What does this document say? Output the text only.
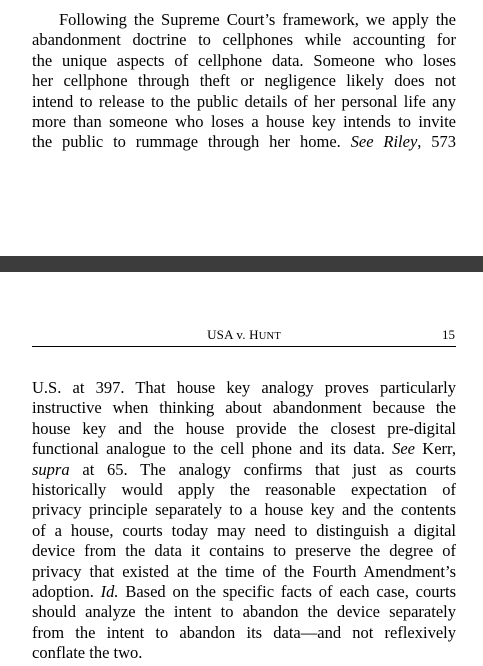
Following the Supreme Court’s framework, we apply the
abandonment doctrine to cellphones while accounting for
the unique aspects of cellphone data. Someone who loses
her cellphone through theft or negligence likely does not
intend to release to the public details of her personal life any
more than someone who loses a house key intends to invite
the public to rummage through her home. See Riley, 573
USA v. HUNT	15
U.S. at 397. That house key analogy proves particularly
instructive when thinking about abandonment because the
house key and the house provide the closest pre-digital
functional analogue to the cell phone and its data. See Kerr,
supra at 65. The analogy confirms that just as courts
historically would apply the reasonable expectation of
privacy principle separately to a house key and the contents
of a house, courts today may need to distinguish a digital
device from the data it contains to preserve the degree of
privacy that existed at the time of the Fourth Amendment’s
adoption. Id. Based on the specific facts of each case, courts
should analyze the intent to abandon the device separately
from the intent to abandon its data—and not reflexively
conflate the two.
